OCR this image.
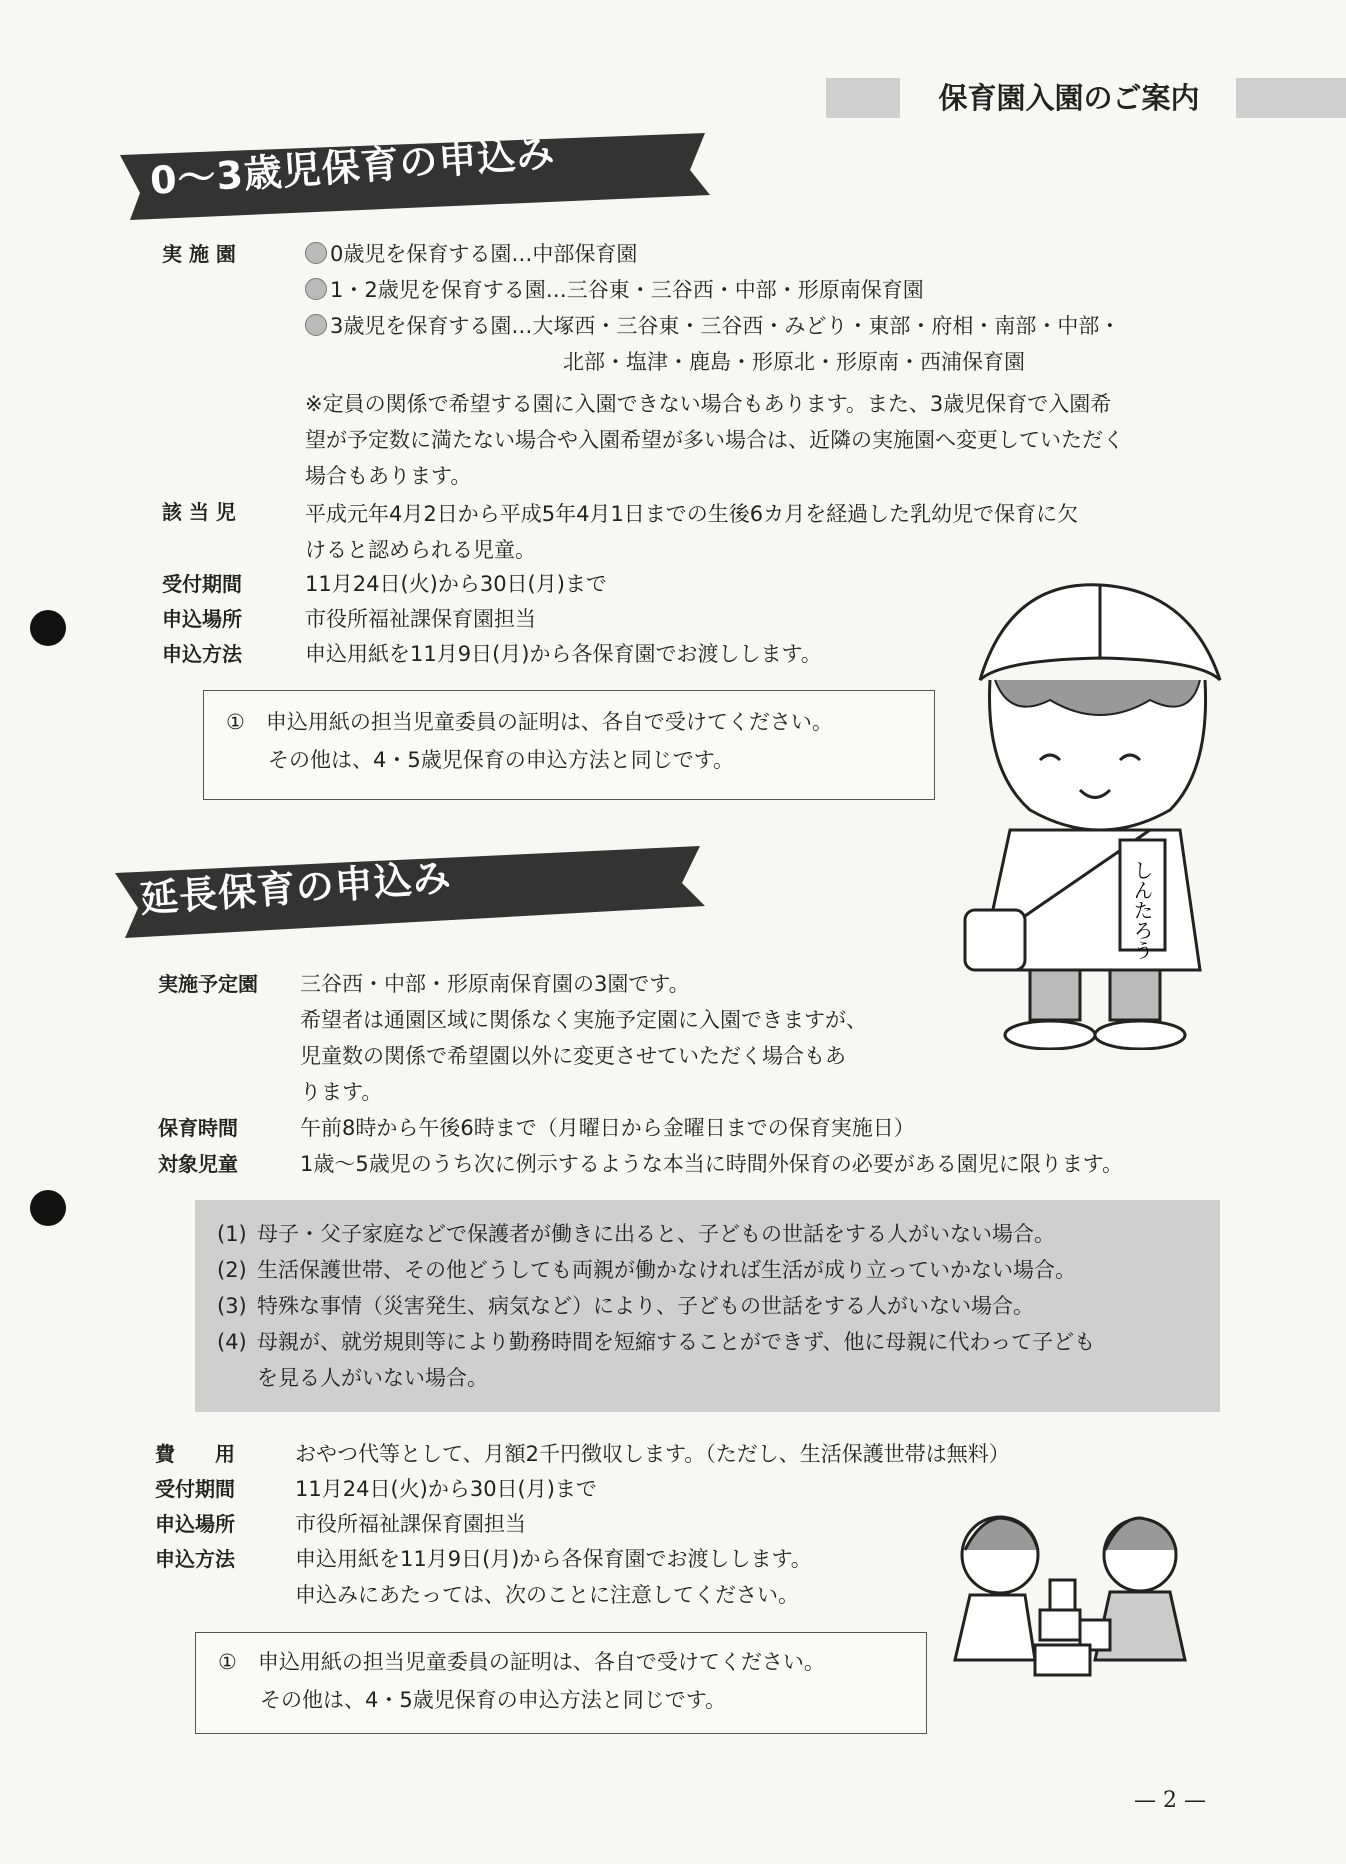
保育園入園のご案内
0～3歳児保育の申込み
実 施 園	0歳児を保育する園…中部保育園
1・2歳児を保育する園…三谷東・三谷西・中部・形原南保育園
3歳児を保育する園…大塚西・三谷東・三谷西・みどり・東部・府相・南部・中部・
北部・塩津・鹿島・形原北・形原南・西浦保育園
※定員の関係で希望する園に入園できない場合もあります。また、3歳児保育で入園希
望が予定数に満たない場合や入園希望が多い場合は、近隣の実施園へ変更していただく
場合もあります。
該 当 児	平成元年4月2日から平成5年4月1日までの生後6カ月を経過した乳幼児で保育に欠
けると認められる児童。
受付期間	11月24日(火)から30日(月)まで
申込場所	市役所福祉課保育園担当
申込方法	申込用紙を11月9日(月)から各保育園でお渡しします。

①　申込用紙の担当児童委員の証明は、各自で受けてください。

　　その他は、4・5歳児保育の申込方法と同じです。

しんたろう
延長保育の申込み
実施予定園 三谷西・中部・形原南保育園の3園です。
希望者は通園区域に関係なく実施予定園に入園できますが、
児童数の関係で希望園以外に変更させていただく場合もあ
ります。
保育時間	午前8時から午後6時まで（月曜日から金曜日までの保育実施日）
対象児童	1歳～5歳児のうち次に例示するような本当に時間外保育の必要がある園児に限ります。
(1) 母子・父子家庭などで保護者が働きに出ると、子どもの世話をする人がいない場合。
(2) 生活保護世帯、その他どうしても両親が働かなければ生活が成り立っていかない場合。
(3) 特殊な事情（災害発生、病気など）により、子どもの世話をする人がいない場合。
(4) 母親が、就労規則等により勤務時間を短縮することができず、他に母親に代わって子ども
を見る人がいない場合。
費　　用	おやつ代等として、月額2千円徴収します。（ただし、生活保護世帯は無料）
受付期間	11月24日(火)から30日(月)まで
申込場所	市役所福祉課保育園担当
申込方法	申込用紙を11月9日(月)から各保育園でお渡しします。
申込みにあたっては、次のことに注意してください。

①　申込用紙の担当児童委員の証明は、各自で受けてください。

　　その他は、4・5歳児保育の申込方法と同じです。

— 2 —
